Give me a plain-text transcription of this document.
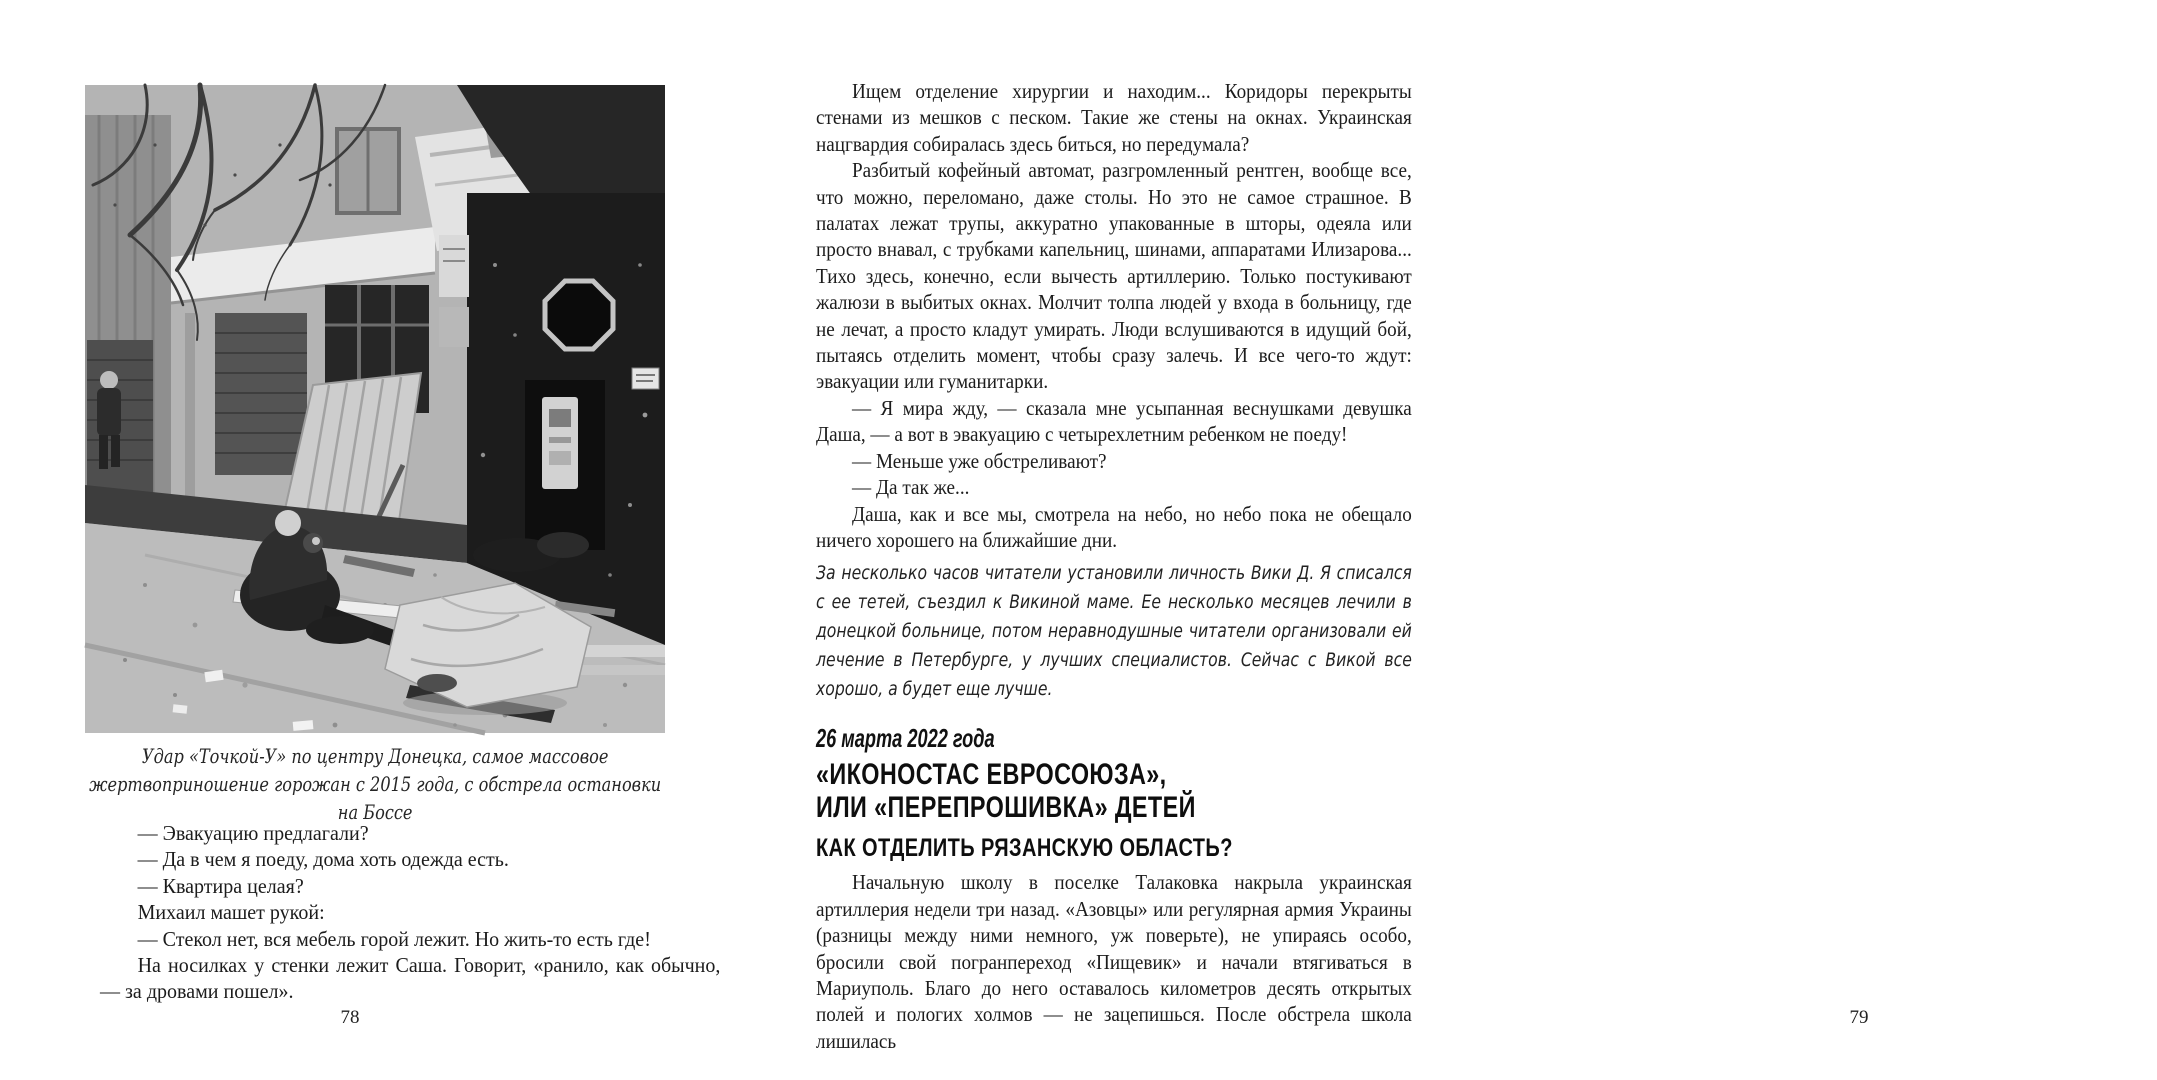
Удар «Точкой-У» по центру Донецка, самое массовое жертвоприношение горожан с 2015 года, с обстрела остановки на Боссе

— Эвакуацию предлагали?

— Да в чем я поеду, дома хоть одежда есть.

— Квартира целая?

Михаил машет рукой:

— Стекол нет, вся мебель горой лежит. Но жить-то есть где!

На носилках у стенки лежит Саша. Говорит, «ранило, как обычно, — за дровами пошел».

78

Ищем отделение хирургии и находим... Коридоры перекрыты стенами из мешков с песком. Такие же стены на окнах. Украинская нацгвардия собиралась здесь биться, но передумала?

Разбитый кофейный автомат, разгромленный рентген, вообще все, что можно, переломано, даже столы. Но это не самое страшное. В палатах лежат трупы, аккуратно упакованные в шторы, одеяла или просто внавал, с трубками капельниц, шинами, аппаратами Илизарова... Тихо здесь, конечно, если вычесть артиллерию. Только постукивают жалюзи в выбитых окнах. Молчит толпа людей у входа в больницу, где не лечат, а просто кладут умирать. Люди вслушиваются в идущий бой, пытаясь отделить момент, чтобы сразу залечь. И все чего-то ждут: эвакуации или гуманитарки.

— Я мира жду, — сказала мне усыпанная веснушками девушка Даша, — а вот в эвакуацию с четырехлетним ребенком не поеду!

— Меньше уже обстреливают?

— Да так же...

Даша, как и все мы, смотрела на небо, но небо пока не обещало ничего хорошего на ближайшие дни.

За несколько часов читатели установили личность Вики Д. Я списался с ее тетей, съездил к Викиной маме. Ее несколько месяцев лечили в донецкой больнице, потом неравнодушные читатели организовали ей лечение в Петербурге, у лучших специалистов. Сейчас с Викой все хорошо, а будет еще лучше.
26 марта 2022 года
«ИКОНОСТАС ЕВРОСОЮЗА»,
ИЛИ «ПЕРЕПРОШИВКА» ДЕТЕЙ
КАК ОТДЕЛИТЬ РЯЗАНСКУЮ ОБЛАСТЬ?

Начальную школу в поселке Талаковка накрыла украинская артиллерия недели три назад. «Азовцы» или регулярная армия Украины (разницы между ними немного, уж поверьте), не упираясь особо, бросили свой погранпереход «Пищевик» и начали втягиваться в Мариуполь. Благо до него оставалось километров десять открытых полей и пологих холмов — не зацепишься. После обстрела школа лишилась

79
